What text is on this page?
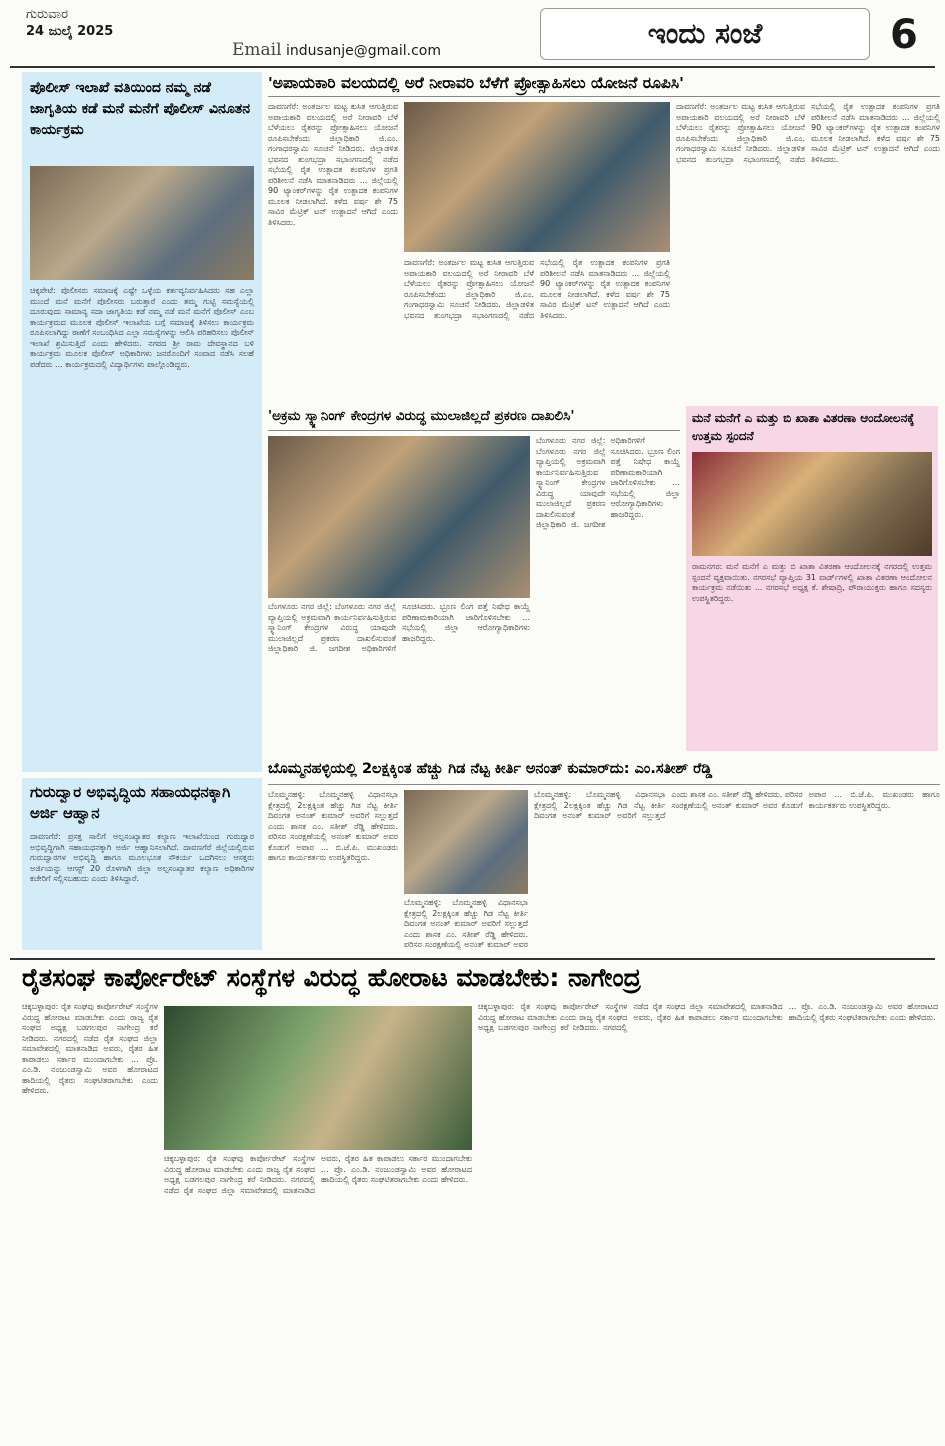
ಗುರುವಾರ
24 ಜುಲೈ 2025
Email indusanje@gmail.com
ಇಂದು ಸಂಜೆ	6
ಪೊಲೀಸ್ ಇಲಾಖೆ ವತಿಯಿಂದ ನಮ್ಮ ನಡೆ ಜಾಗೃತಿಯ ಕಡೆ ಮನೆ ಮನೆಗೆ ಪೊಲೀಸ್ ವಿನೂತನ ಕಾರ್ಯಕ್ರಮ
ಚಿಕ್ಕಪೇಟೆ: ಪೊಲೀಸರು ಸಮಾಜಕ್ಕೆ ಎಷ್ಟೇ ಒಳ್ಳೆಯ ಕರ್ತವ್ಯನಿರ್ವಹಿಸಿದರು ಸಹ ಎಲ್ಲಾ ಮುಂದೆ ಮನೆ ಮನೆಗೆ ಪೊಲೀಸರು ಬರುತ್ತಾರೆ ಎಂದು ತಮ್ಮ ಗುಟ್ಟಿ ಸಮಸ್ಯೆಯಲ್ಲಿ ದೂರುವುದು ಸಾಮಾನ್ಯ ಸದಾ ಜಾಗೃತಿಯ ಕಡೆ ನಮ್ಮ ನಡೆ ಮನೆ ಮನೆಗೆ ಪೊಲೀಸ್ ಎಂಬ ಕಾರ್ಯಕ್ರಮದ ಮೂಲಕ ಪೊಲೀಸ್ ಇಲಾಖೆಯ ಬಗ್ಗೆ ಸಮಾಜಕ್ಕೆ ತಿಳಿಸಲು ಕಾರ್ಯಕ್ರಮ ರೂಪಿಸಲಾಗಿದ್ದು ಠಾಣೆಗೆ ಸಂಬಂಧಿಸಿದ ಎಲ್ಲಾ ಸಮಸ್ಯೆಗಳನ್ನು ಆಲಿಸಿ ಪರಿಹರಿಸಲು ಪೊಲೀಸ್ ಇಲಾಖೆ ಶ್ರಮಿಸುತ್ತಿದೆ ಎಂದು ಹೇಳಿದರು. ನಗರದ ಶ್ರೀ ರಾಮ ದೇವಸ್ಥಾನದ ಬಳಿ ಕಾರ್ಯಕ್ರಮ ಮೂಲಕ ಪೊಲೀಸ್ ಅಧಿಕಾರಿಗಳು ಜನರೊಂದಿಗೆ ಸಂವಾದ ನಡೆಸಿ ಸಲಹೆ ಪಡೆದರು ... ಕಾರ್ಯಕ್ರಮದಲ್ಲಿ ವಿದ್ಯಾರ್ಥಿಗಳು ಪಾಲ್ಗೊಂಡಿದ್ದರು.
ಗುರುದ್ವಾರ ಅಭಿವೃದ್ಧಿಯ ಸಹಾಯಧನಕ್ಕಾಗಿ ಅರ್ಜಿ ಆಹ್ವಾನ
ದಾವಣಗೆರೆ: ಪ್ರಸಕ್ತ ಸಾಲಿಗೆ ಅಲ್ಪಸಂಖ್ಯಾತರ ಕಲ್ಯಾಣ ಇಲಾಖೆಯಿಂದ ಗುರುದ್ವಾರ ಅಭಿವೃದ್ಧಿಗಾಗಿ ಸಹಾಯಧನಕ್ಕಾಗಿ ಅರ್ಜಿ ಆಹ್ವಾನಿಸಲಾಗಿದೆ. ದಾವಣಗೆರೆ ಜಿಲ್ಲೆಯಲ್ಲಿರುವ ಗುರುದ್ವಾರಗಳ ಅಭಿವೃದ್ಧಿ ಹಾಗೂ ಮೂಲಭೂತ ಸೌಕರ್ಯ ಒದಗಿಸಲು ಆಸಕ್ತರು ಅರ್ಜಿಯನ್ನು ಆಗಸ್ಟ್ 20 ರೊಳಗಾಗಿ ಜಿಲ್ಲಾ ಅಲ್ಪಸಂಖ್ಯಾತರ ಕಲ್ಯಾಣ ಅಧಿಕಾರಿಗಳ ಕಚೇರಿಗೆ ಸಲ್ಲಿಸಬಹುದು ಎಂದು ತಿಳಿಸಿದ್ದಾರೆ.
'ಅಪಾಯಕಾರಿ ವಲಯದಲ್ಲಿ ಅರೆ ನೀರಾವರಿ ಬೆಳೆಗೆ ಪ್ರೋತ್ಸಾಹಿಸಲು ಯೋಜನೆ ರೂಪಿಸಿ'
ದಾವಣಗೆರೆ: ಅಂತರ್ಜಲ ಮಟ್ಟ ಕುಸಿತ ಆಗುತ್ತಿರುವ ಅಪಾಯಕಾರಿ ವಲಯದಲ್ಲಿ ಅರೆ ನೀರಾವರಿ ಬೆಳೆ ಬೆಳೆಯಲು ರೈತರನ್ನು ಪ್ರೋತ್ಸಾಹಿಸಲು ಯೋಜನೆ ರೂಪಿಸಬೇಕೆಂದು ಜಿಲ್ಲಾಧಿಕಾರಿ ಜಿ.ಎಂ. ಗಂಗಾಧರಸ್ವಾಮಿ ಸೂಚನೆ ನೀಡಿದರು. ಜಿಲ್ಲಾಡಳಿತ ಭವನದ ತುಂಗಭದ್ರಾ ಸಭಾಂಗಣದಲ್ಲಿ ನಡೆದ ಸಭೆಯಲ್ಲಿ ರೈತ ಉತ್ಪಾದಕ ಕಂಪನಿಗಳ ಪ್ರಗತಿ ಪರಿಶೀಲನೆ ನಡೆಸಿ ಮಾತನಾಡಿದರು ... ಜಿಲ್ಲೆಯಲ್ಲಿ 90 ಟ್ಯಾಂಕರ್‌ಗಳನ್ನು ರೈತ ಉತ್ಪಾದಕ ಕಂಪನಿಗಳ ಮೂಲಕ ನೀಡಲಾಗಿದೆ. ಕಳೆದ ವರ್ಷ ಶೇ 75 ಸಾವಿರ ಮೆಟ್ರಿಕ್ ಟನ್ ಉತ್ಪಾದನೆ ಆಗಿದೆ ಎಂದು ತಿಳಿಸಿದರು.
ದಾವಣಗೆರೆ: ಅಂತರ್ಜಲ ಮಟ್ಟ ಕುಸಿತ ಆಗುತ್ತಿರುವ ಅಪಾಯಕಾರಿ ವಲಯದಲ್ಲಿ ಅರೆ ನೀರಾವರಿ ಬೆಳೆ ಬೆಳೆಯಲು ರೈತರನ್ನು ಪ್ರೋತ್ಸಾಹಿಸಲು ಯೋಜನೆ ರೂಪಿಸಬೇಕೆಂದು ಜಿಲ್ಲಾಧಿಕಾರಿ ಜಿ.ಎಂ. ಗಂಗಾಧರಸ್ವಾಮಿ ಸೂಚನೆ ನೀಡಿದರು. ಜಿಲ್ಲಾಡಳಿತ ಭವನದ ತುಂಗಭದ್ರಾ ಸಭಾಂಗಣದಲ್ಲಿ ನಡೆದ ಸಭೆಯಲ್ಲಿ ರೈತ ಉತ್ಪಾದಕ ಕಂಪನಿಗಳ ಪ್ರಗತಿ ಪರಿಶೀಲನೆ ನಡೆಸಿ ಮಾತನಾಡಿದರು ... ಜಿಲ್ಲೆಯಲ್ಲಿ 90 ಟ್ಯಾಂಕರ್‌ಗಳನ್ನು ರೈತ ಉತ್ಪಾದಕ ಕಂಪನಿಗಳ ಮೂಲಕ ನೀಡಲಾಗಿದೆ. ಕಳೆದ ವರ್ಷ ಶೇ 75 ಸಾವಿರ ಮೆಟ್ರಿಕ್ ಟನ್ ಉತ್ಪಾದನೆ ಆಗಿದೆ ಎಂದು ತಿಳಿಸಿದರು.
ದಾವಣಗೆರೆ: ಅಂತರ್ಜಲ ಮಟ್ಟ ಕುಸಿತ ಆಗುತ್ತಿರುವ ಅಪಾಯಕಾರಿ ವಲಯದಲ್ಲಿ ಅರೆ ನೀರಾವರಿ ಬೆಳೆ ಬೆಳೆಯಲು ರೈತರನ್ನು ಪ್ರೋತ್ಸಾಹಿಸಲು ಯೋಜನೆ ರೂಪಿಸಬೇಕೆಂದು ಜಿಲ್ಲಾಧಿಕಾರಿ ಜಿ.ಎಂ. ಗಂಗಾಧರಸ್ವಾಮಿ ಸೂಚನೆ ನೀಡಿದರು. ಜಿಲ್ಲಾಡಳಿತ ಭವನದ ತುಂಗಭದ್ರಾ ಸಭಾಂಗಣದಲ್ಲಿ ನಡೆದ ಸಭೆಯಲ್ಲಿ ರೈತ ಉತ್ಪಾದಕ ಕಂಪನಿಗಳ ಪ್ರಗತಿ ಪರಿಶೀಲನೆ ನಡೆಸಿ ಮಾತನಾಡಿದರು ... ಜಿಲ್ಲೆಯಲ್ಲಿ 90 ಟ್ಯಾಂಕರ್‌ಗಳನ್ನು ರೈತ ಉತ್ಪಾದಕ ಕಂಪನಿಗಳ ಮೂಲಕ ನೀಡಲಾಗಿದೆ. ಕಳೆದ ವರ್ಷ ಶೇ 75 ಸಾವಿರ ಮೆಟ್ರಿಕ್ ಟನ್ ಉತ್ಪಾದನೆ ಆಗಿದೆ ಎಂದು ತಿಳಿಸಿದರು.
'ಅಕ್ರಮ ಸ್ಕ್ಯಾನಿಂಗ್ ಕೇಂದ್ರಗಳ ವಿರುದ್ಧ ಮುಲಾಜಿಲ್ಲದೆ ಪ್ರಕರಣ ದಾಖಲಿಸಿ'
ಬೆಂಗಳೂರು ನಗರ ಜಿಲ್ಲೆ: ಬೆಂಗಳೂರು ನಗರ ಜಿಲ್ಲೆ ವ್ಯಾಪ್ತಿಯಲ್ಲಿ ಅಕ್ರಮವಾಗಿ ಕಾರ್ಯನಿರ್ವಹಿಸುತ್ತಿರುವ ಸ್ಕ್ಯಾನಿಂಗ್ ಕೇಂದ್ರಗಳ ವಿರುದ್ಧ ಯಾವುದೇ ಮುಲಾಜಿಲ್ಲದೆ ಪ್ರಕರಣ ದಾಖಲಿಸುವಂತೆ ಜಿಲ್ಲಾಧಿಕಾರಿ ಜಿ. ಜಗದೀಶ ಅಧಿಕಾರಿಗಳಿಗೆ ಸೂಚಿಸಿದರು. ಭ್ರೂಣ ಲಿಂಗ ಪತ್ತೆ ನಿಷೇಧ ಕಾಯ್ದೆ ಪರಿಣಾಮಕಾರಿಯಾಗಿ ಜಾರಿಗೊಳಿಸಬೇಕು ... ಸಭೆಯಲ್ಲಿ ಜಿಲ್ಲಾ ಆರೋಗ್ಯಾಧಿಕಾರಿಗಳು ಹಾಜರಿದ್ದರು.
ಬೆಂಗಳೂರು ನಗರ ಜಿಲ್ಲೆ: ಬೆಂಗಳೂರು ನಗರ ಜಿಲ್ಲೆ ವ್ಯಾಪ್ತಿಯಲ್ಲಿ ಅಕ್ರಮವಾಗಿ ಕಾರ್ಯನಿರ್ವಹಿಸುತ್ತಿರುವ ಸ್ಕ್ಯಾನಿಂಗ್ ಕೇಂದ್ರಗಳ ವಿರುದ್ಧ ಯಾವುದೇ ಮುಲಾಜಿಲ್ಲದೆ ಪ್ರಕರಣ ದಾಖಲಿಸುವಂತೆ ಜಿಲ್ಲಾಧಿಕಾರಿ ಜಿ. ಜಗದೀಶ ಅಧಿಕಾರಿಗಳಿಗೆ ಸೂಚಿಸಿದರು. ಭ್ರೂಣ ಲಿಂಗ ಪತ್ತೆ ನಿಷೇಧ ಕಾಯ್ದೆ ಪರಿಣಾಮಕಾರಿಯಾಗಿ ಜಾರಿಗೊಳಿಸಬೇಕು ... ಸಭೆಯಲ್ಲಿ ಜಿಲ್ಲಾ ಆರೋಗ್ಯಾಧಿಕಾರಿಗಳು ಹಾಜರಿದ್ದರು.
ಮನೆ ಮನೆಗೆ ಎ ಮತ್ತು ಬಿ ಖಾತಾ ವಿತರಣಾ ಆಂದೋಲನಕ್ಕೆ ಉತ್ತಮ ಸ್ಪಂದನೆ
ರಾಮನಗರ: ಮನೆ ಮನೆಗೆ ಎ ಮತ್ತು ಬಿ ಖಾತಾ ವಿತರಣಾ ಆಂದೋಲನಕ್ಕೆ ನಗರದಲ್ಲಿ ಉತ್ತಮ ಸ್ಪಂದನೆ ವ್ಯಕ್ತವಾಯಿತು. ನಗರಸಭೆ ವ್ಯಾಪ್ತಿಯ 31 ವಾರ್ಡ್‌ಗಳಲ್ಲಿ ಖಾತಾ ವಿತರಣಾ ಆಂದೋಲನ ಕಾರ್ಯಕ್ರಮ ನಡೆಯಿತು ... ನಗರಸಭೆ ಅಧ್ಯಕ್ಷ ಕೆ. ಶೇಷಾದ್ರಿ, ಪೌರಾಯುಕ್ತರು ಹಾಗೂ ಸದಸ್ಯರು ಉಪಸ್ಥಿತರಿದ್ದರು.
ಬೊಮ್ಮನಹಳ್ಳಿಯಲ್ಲಿ 2ಲಕ್ಷಕ್ಕಿಂತ ಹೆಚ್ಚು ಗಿಡ ನೆಟ್ಟ ಕೀರ್ತಿ ಅನಂತ್ ಕುಮಾರ್‌ದು: ಎಂ.ಸತೀಶ್ ರೆಡ್ಡಿ
ಬೊಮ್ಮನಹಳ್ಳಿ: ಬೊಮ್ಮನಹಳ್ಳಿ ವಿಧಾನಸಭಾ ಕ್ಷೇತ್ರದಲ್ಲಿ 2ಲಕ್ಷಕ್ಕಿಂತ ಹೆಚ್ಚು ಗಿಡ ನೆಟ್ಟ ಕೀರ್ತಿ ದಿವಂಗತ ಅನಂತ್ ಕುಮಾರ್ ಅವರಿಗೆ ಸಲ್ಲುತ್ತದೆ ಎಂದು ಶಾಸಕ ಎಂ. ಸತೀಶ್ ರೆಡ್ಡಿ ಹೇಳಿದರು. ಪರಿಸರ ಸಂರಕ್ಷಣೆಯಲ್ಲಿ ಅನಂತ್ ಕುಮಾರ್ ಅವರ ಕೊಡುಗೆ ಅಪಾರ ... ಬಿ.ಜೆ.ಪಿ. ಮುಖಂಡರು ಹಾಗೂ ಕಾರ್ಯಕರ್ತರು ಉಪಸ್ಥಿತರಿದ್ದರು.
ಬೊಮ್ಮನಹಳ್ಳಿ: ಬೊಮ್ಮನಹಳ್ಳಿ ವಿಧಾನಸಭಾ ಕ್ಷೇತ್ರದಲ್ಲಿ 2ಲಕ್ಷಕ್ಕಿಂತ ಹೆಚ್ಚು ಗಿಡ ನೆಟ್ಟ ಕೀರ್ತಿ ದಿವಂಗತ ಅನಂತ್ ಕುಮಾರ್ ಅವರಿಗೆ ಸಲ್ಲುತ್ತದೆ ಎಂದು ಶಾಸಕ ಎಂ. ಸತೀಶ್ ರೆಡ್ಡಿ ಹೇಳಿದರು. ಪರಿಸರ ಸಂರಕ್ಷಣೆಯಲ್ಲಿ ಅನಂತ್ ಕುಮಾರ್ ಅವರ
ಬೊಮ್ಮನಹಳ್ಳಿ: ಬೊಮ್ಮನಹಳ್ಳಿ ವಿಧಾನಸಭಾ ಕ್ಷೇತ್ರದಲ್ಲಿ 2ಲಕ್ಷಕ್ಕಿಂತ ಹೆಚ್ಚು ಗಿಡ ನೆಟ್ಟ ಕೀರ್ತಿ ದಿವಂಗತ ಅನಂತ್ ಕುಮಾರ್ ಅವರಿಗೆ ಸಲ್ಲುತ್ತದೆ ಎಂದು ಶಾಸಕ ಎಂ. ಸತೀಶ್ ರೆಡ್ಡಿ ಹೇಳಿದರು. ಪರಿಸರ ಸಂರಕ್ಷಣೆಯಲ್ಲಿ ಅನಂತ್ ಕುಮಾರ್ ಅವರ ಕೊಡುಗೆ ಅಪಾರ ... ಬಿ.ಜೆ.ಪಿ. ಮುಖಂಡರು ಹಾಗೂ ಕಾರ್ಯಕರ್ತರು ಉಪಸ್ಥಿತರಿದ್ದರು.
ರೈತಸಂಘ ಕಾರ್ಪೋರೇಟ್ ಸಂಸ್ಥೆಗಳ ವಿರುದ್ಧ ಹೋರಾಟ ಮಾಡಬೇಕು: ನಾಗೇಂದ್ರ
ಚಿಕ್ಕಬಳ್ಳಾಪುರ: ರೈತ ಸಂಘವು ಕಾರ್ಪೋರೇಟ್ ಸಂಸ್ಥೆಗಳ ವಿರುದ್ಧ ಹೋರಾಟ ಮಾಡಬೇಕು ಎಂದು ರಾಜ್ಯ ರೈತ ಸಂಘದ ಅಧ್ಯಕ್ಷ ಬಡಗಲಪುರ ನಾಗೇಂದ್ರ ಕರೆ ನೀಡಿದರು. ನಗರದಲ್ಲಿ ನಡೆದ ರೈತ ಸಂಘದ ಜಿಲ್ಲಾ ಸಮಾವೇಶದಲ್ಲಿ ಮಾತನಾಡಿದ ಅವರು, ರೈತರ ಹಿತ ಕಾಪಾಡಲು ಸರ್ಕಾರ ಮುಂದಾಗಬೇಕು ... ಪ್ರೊ. ಎಂ.ಡಿ. ನಂಜುಂಡಸ್ವಾಮಿ ಅವರ ಹೋರಾಟದ ಹಾದಿಯಲ್ಲಿ ರೈತರು ಸಂಘಟಿತರಾಗಬೇಕು ಎಂದು ಹೇಳಿದರು.
ಚಿಕ್ಕಬಳ್ಳಾಪುರ: ರೈತ ಸಂಘವು ಕಾರ್ಪೋರೇಟ್ ಸಂಸ್ಥೆಗಳ ವಿರುದ್ಧ ಹೋರಾಟ ಮಾಡಬೇಕು ಎಂದು ರಾಜ್ಯ ರೈತ ಸಂಘದ ಅಧ್ಯಕ್ಷ ಬಡಗಲಪುರ ನಾಗೇಂದ್ರ ಕರೆ ನೀಡಿದರು. ನಗರದಲ್ಲಿ ನಡೆದ ರೈತ ಸಂಘದ ಜಿಲ್ಲಾ ಸಮಾವೇಶದಲ್ಲಿ ಮಾತನಾಡಿದ ಅವರು, ರೈತರ ಹಿತ ಕಾಪಾಡಲು ಸರ್ಕಾರ ಮುಂದಾಗಬೇಕು ... ಪ್ರೊ. ಎಂ.ಡಿ. ನಂಜುಂಡಸ್ವಾಮಿ ಅವರ ಹೋರಾಟದ ಹಾದಿಯಲ್ಲಿ ರೈತರು ಸಂಘಟಿತರಾಗಬೇಕು ಎಂದು ಹೇಳಿದರು.
ಚಿಕ್ಕಬಳ್ಳಾಪುರ: ರೈತ ಸಂಘವು ಕಾರ್ಪೋರೇಟ್ ಸಂಸ್ಥೆಗಳ ವಿರುದ್ಧ ಹೋರಾಟ ಮಾಡಬೇಕು ಎಂದು ರಾಜ್ಯ ರೈತ ಸಂಘದ ಅಧ್ಯಕ್ಷ ಬಡಗಲಪುರ ನಾಗೇಂದ್ರ ಕರೆ ನೀಡಿದರು. ನಗರದಲ್ಲಿ ನಡೆದ ರೈತ ಸಂಘದ ಜಿಲ್ಲಾ ಸಮಾವೇಶದಲ್ಲಿ ಮಾತನಾಡಿದ ಅವರು, ರೈತರ ಹಿತ ಕಾಪಾಡಲು ಸರ್ಕಾರ ಮುಂದಾಗಬೇಕು ... ಪ್ರೊ. ಎಂ.ಡಿ. ನಂಜುಂಡಸ್ವಾಮಿ ಅವರ ಹೋರಾಟದ ಹಾದಿಯಲ್ಲಿ ರೈತರು ಸಂಘಟಿತರಾಗಬೇಕು ಎಂದು ಹೇಳಿದರು.
